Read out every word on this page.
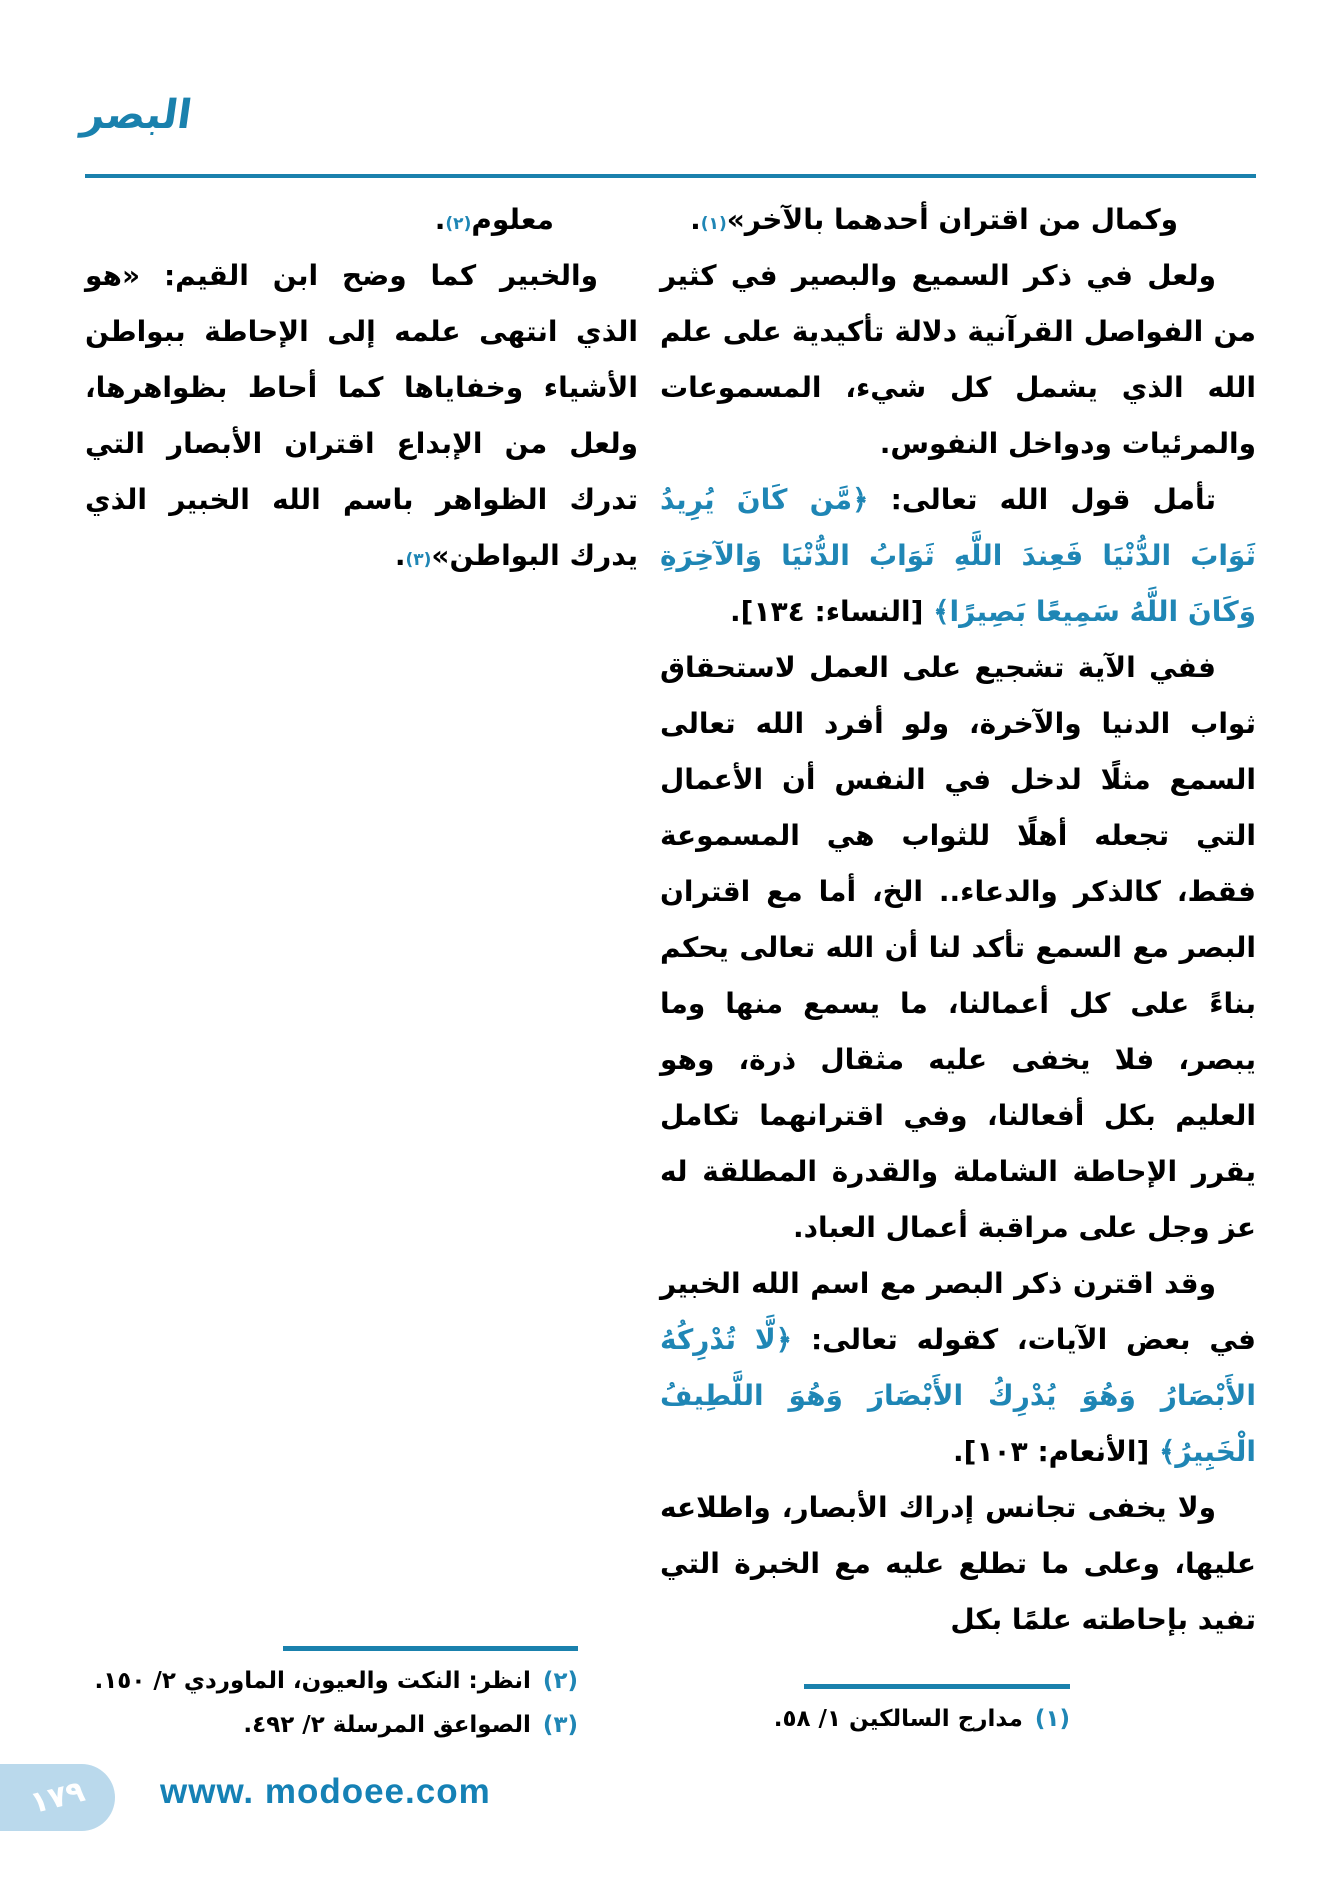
البصر

وكمال من اقتران أحدهما بالآخر»$^{(١)}$.

ولعل في ذكر السميع والبصير في كثير من الفواصل القرآنية دلالة تأكيدية على علم الله الذي يشمل كل شيء، المسموعات والمرئيات ودواخل النفوس.

تأمل قول الله تعالى: ﴿مَّن كَانَ يُرِيدُ ثَوَابَ الدُّنْيَا فَعِندَ اللَّهِ ثَوَابُ الدُّنْيَا وَالآخِرَةِ وَكَانَ اللَّهُ سَمِيعًا بَصِيرًا﴾ [النساء: ١٣٤].

ففي الآية تشجيع على العمل لاستحقاق ثواب الدنيا والآخرة، ولو أفرد الله تعالى السمع مثلًا لدخل في النفس أن الأعمال التي تجعله أهلًا للثواب هي المسموعة فقط، كالذكر والدعاء.. الخ، أما مع اقتران البصر مع السمع تأكد لنا أن الله تعالى يحكم بناءً على كل أعمالنا، ما يسمع منها وما يبصر، فلا يخفى عليه مثقال ذرة، وهو العليم بكل أفعالنا، وفي اقترانهما تكامل يقرر الإحاطة الشاملة والقدرة المطلقة له عز وجل على مراقبة أعمال العباد.

وقد اقترن ذكر البصر مع اسم الله الخبير في بعض الآيات، كقوله تعالى: ﴿لَّا تُدْرِكُهُ الأَبْصَارُ وَهُوَ يُدْرِكُ الأَبْصَارَ وَهُوَ اللَّطِيفُ الْخَبِيرُ﴾ [الأنعام: ١٠٣].

ولا يخفى تجانس إدراك الأبصار، واطلاعه عليها، وعلى ما تطلع عليه مع الخبرة التي تفيد بإحاطته علمًا بكل

معلوم$^{(٢)}$.

والخبير كما وضح ابن القيم: «هو الذي انتهى علمه إلى الإحاطة ببواطن الأشياء وخفاياها كما أحاط بظواهرها، ولعل من الإبداع اقتران الأبصار التي تدرك الظواهر باسم الله الخبير الذي يدرك البواطن»$^{(٣)}$.

(١)مدارج السالكين ١/ ٥٨.
(٢)انظر: النكت والعيون، الماوردي ٢/ ١٥٠.
(٣)الصواعق المرسلة ٢/ ٤٩٢.
١٧٩ www. modoee.com
